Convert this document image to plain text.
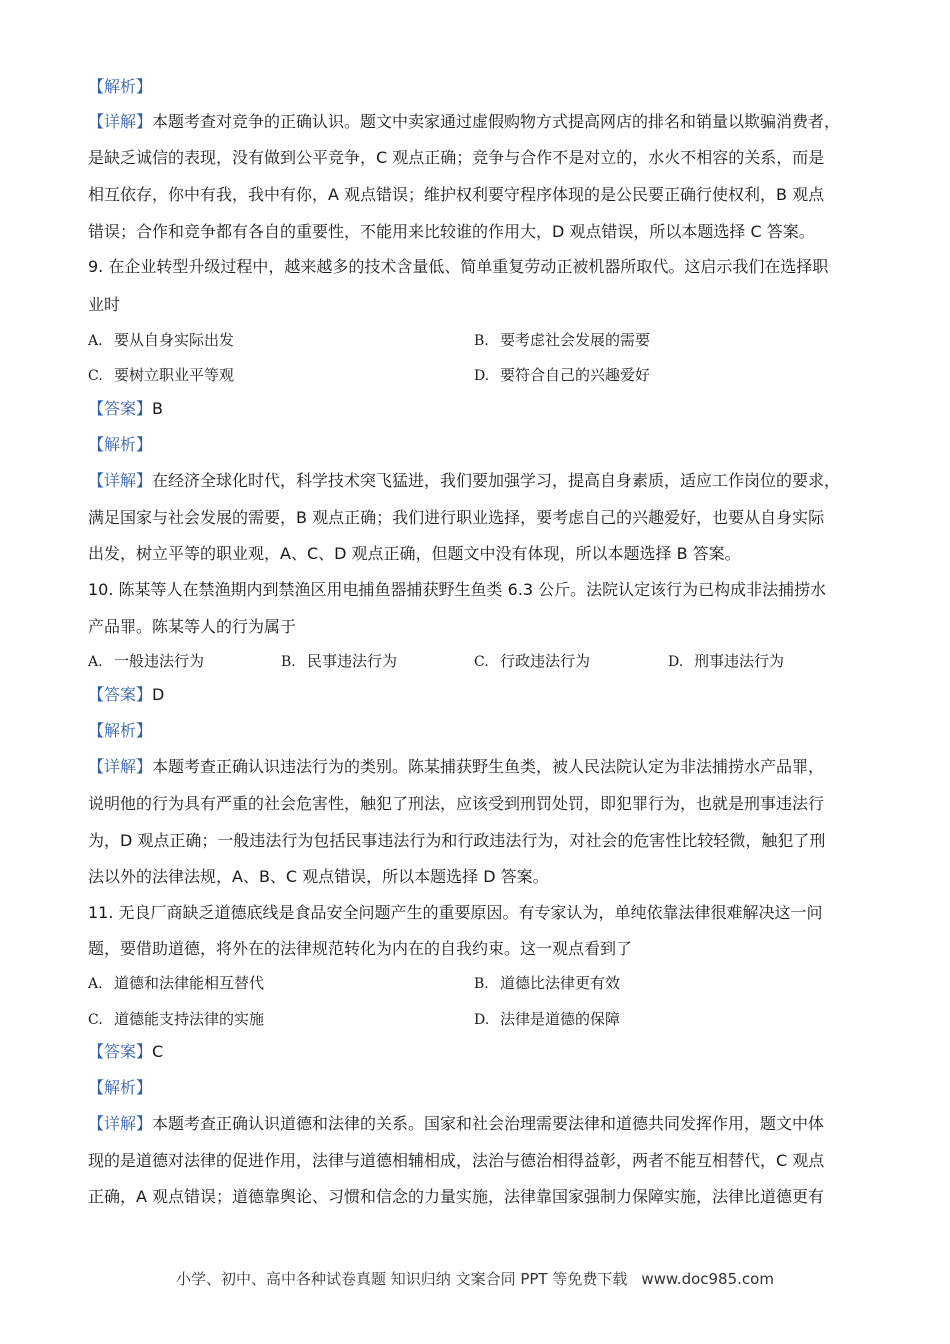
【解析】
【详解】本题考查对竞争的正确认识。题文中卖家通过虚假购物方式提高网店的排名和销量以欺骗消费者，
是缺乏诚信的表现，没有做到公平竞争，C 观点正确；竞争与合作不是对立的，水火不相容的关系，而是
相互依存，你中有我，我中有你，A 观点错误；维护权利要守程序体现的是公民要正确行使权利，B 观点
错误；合作和竞争都有各自的重要性，不能用来比较谁的作用大，D 观点错误，所以本题选择 C 答案。
9. 在企业转型升级过程中，越来越多的技术含量低、简单重复劳动正被机器所取代。这启示我们在选择职
业时
A. 要从自身实际出发	B. 要考虑社会发展的需要
C. 要树立职业平等观	D. 要符合自己的兴趣爱好
【答案】B
【解析】
【详解】在经济全球化时代，科学技术突飞猛进，我们要加强学习，提高自身素质，适应工作岗位的要求，
满足国家与社会发展的需要，B 观点正确；我们进行职业选择，要考虑自己的兴趣爱好，也要从自身实际
出发，树立平等的职业观，A、C、D 观点正确，但题文中没有体现，所以本题选择 B 答案。
10. 陈某等人在禁渔期内到禁渔区用电捕鱼器捕获野生鱼类 6.3 公斤。法院认定该行为已构成非法捕捞水
产品罪。陈某等人的行为属于
A. 一般违法行为	B. 民事违法行为	C. 行政违法行为	D. 刑事违法行为
【答案】D
【解析】
【详解】本题考查正确认识违法行为的类别。陈某捕获野生鱼类，被人民法院认定为非法捕捞水产品罪，
说明他的行为具有严重的社会危害性，触犯了刑法，应该受到刑罚处罚，即犯罪行为，也就是刑事违法行
为，D 观点正确；一般违法行为包括民事违法行为和行政违法行为，对社会的危害性比较轻微，触犯了刑
法以外的法律法规，A、B、C 观点错误，所以本题选择 D 答案。
11. 无良厂商缺乏道德底线是食品安全问题产生的重要原因。有专家认为，单纯依靠法律很难解决这一问
题，要借助道德，将外在的法律规范转化为内在的自我约束。这一观点看到了
A. 道德和法律能相互替代	B. 道德比法律更有效
C. 道德能支持法律的实施	D. 法律是道德的保障
【答案】C
【解析】
【详解】本题考查正确认识道德和法律的关系。国家和社会治理需要法律和道德共同发挥作用，题文中体
现的是道德对法律的促进作用，法律与道德相辅相成，法治与德治相得益彰，两者不能互相替代，C 观点
正确，A 观点错误；道德靠舆论、习惯和信念的力量实施，法律靠国家强制力保障实施，法律比道德更有
小学、初中、高中各种试卷真题 知识归纳 文案合同 PPT 等免费下载 www.doc985.com
